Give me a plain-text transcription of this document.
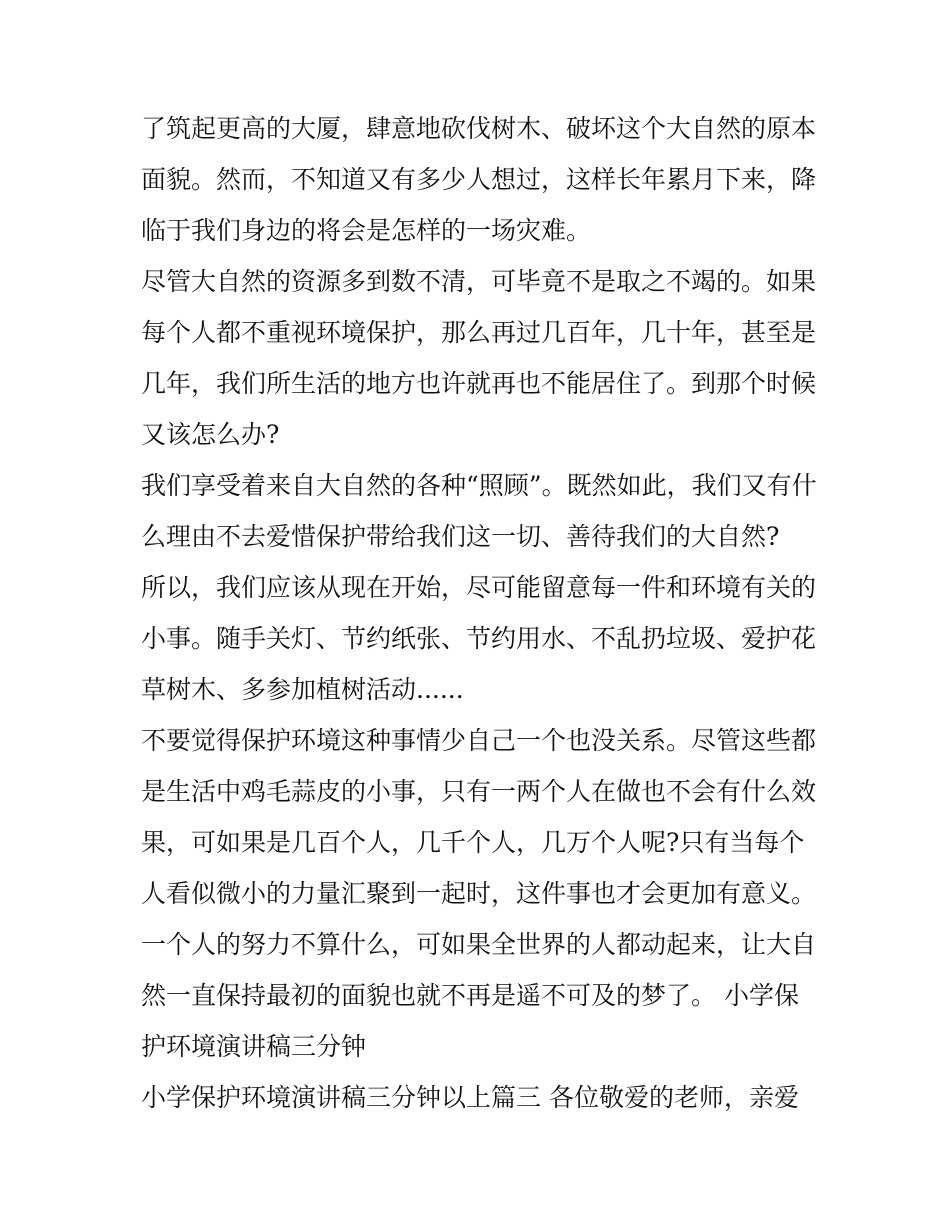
了筑起更高的大厦，肆意地砍伐树木、破坏这个大自然的原本
面貌。然而，不知道又有多少人想过，这样长年累月下来，降
临于我们身边的将会是怎样的一场灾难。
尽管大自然的资源多到数不清，可毕竟不是取之不竭的。如果
每个人都不重视环境保护，那么再过几百年，几十年，甚至是
几年，我们所生活的地方也许就再也不能居住了。到那个时候
又该怎么办?
我们享受着来自大自然的各种“照顾”。既然如此，我们又有什
么理由不去爱惜保护带给我们这一切、善待我们的大自然?
所以，我们应该从现在开始，尽可能留意每一件和环境有关的
小事。随手关灯、节约纸张、节约用水、不乱扔垃圾、爱护花
草树木、多参加植树活动......
不要觉得保护环境这种事情少自己一个也没关系。尽管这些都
是生活中鸡毛蒜皮的小事，只有一两个人在做也不会有什么效
果，可如果是几百个人，几千个人，几万个人呢?只有当每个
人看似微小的力量汇聚到一起时，这件事也才会更加有意义。
一个人的努力不算什么，可如果全世界的人都动起来，让大自
然一直保持最初的面貌也就不再是遥不可及的梦了。 小学保
护环境演讲稿三分钟
小学保护环境演讲稿三分钟以上篇三 各位敬爱的老师，亲爱
